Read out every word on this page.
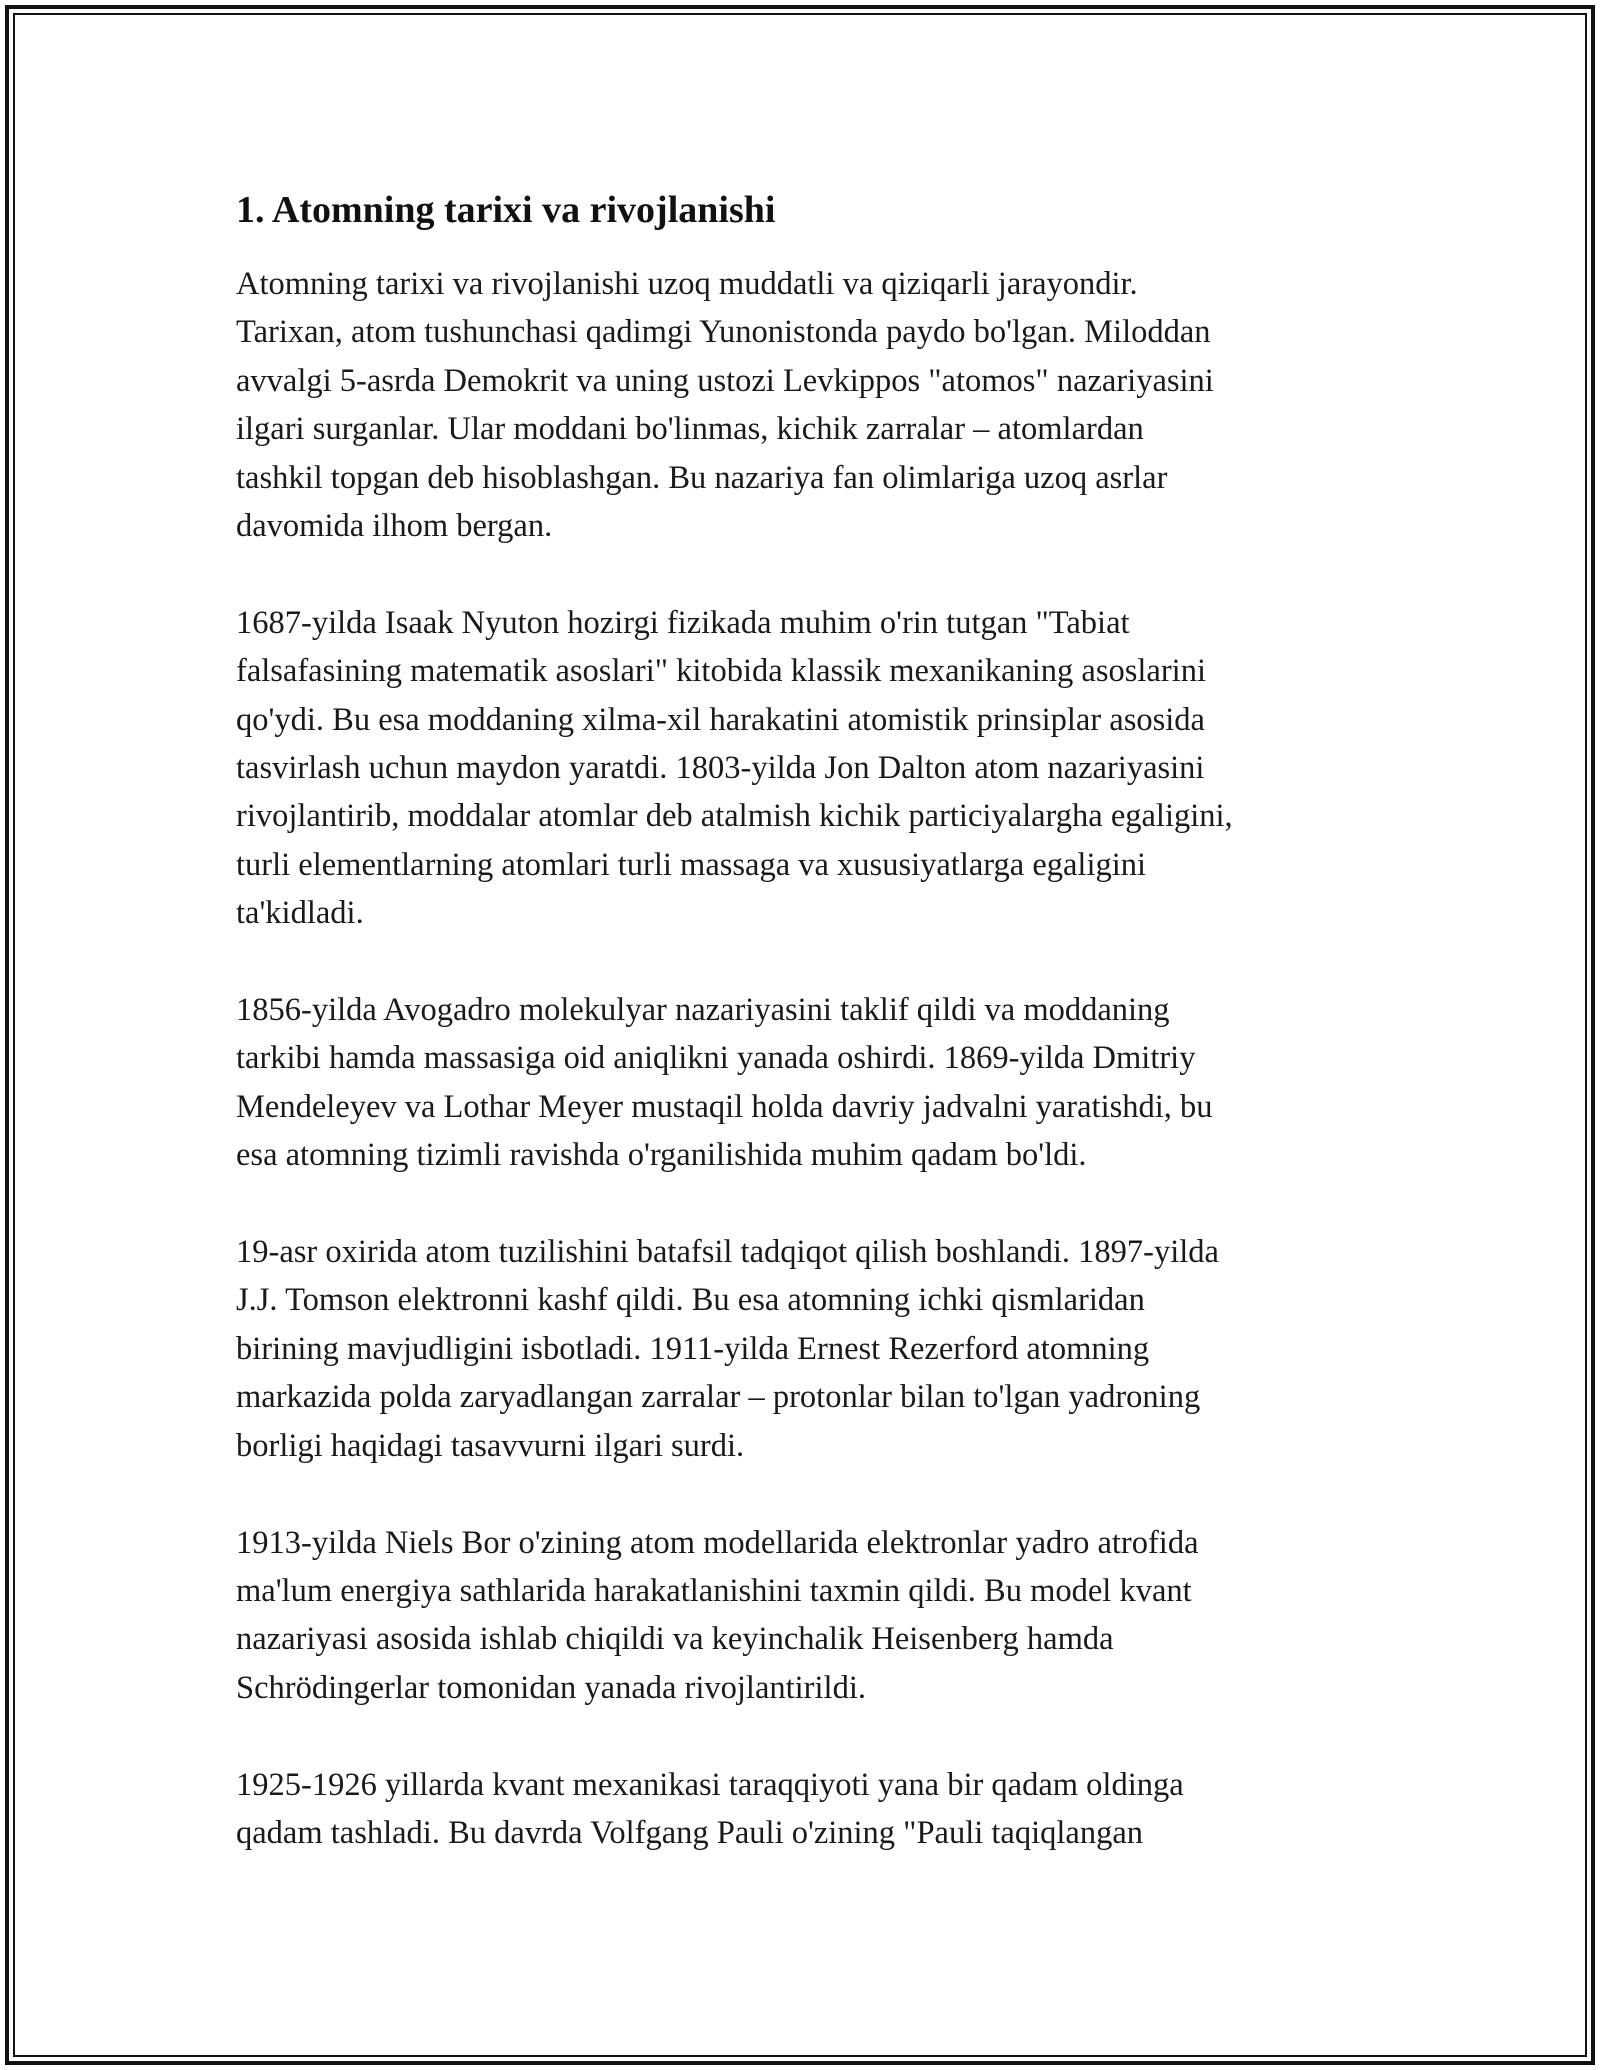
1. Atomning tarixi va rivojlanishi

Atomning tarixi va rivojlanishi uzoq muddatli va qiziqarli jarayondir.
Tarixan, atom tushunchasi qadimgi Yunonistonda paydo bo'lgan. Miloddan
avvalgi 5-asrda Demokrit va uning ustozi Levkippos "atomos" nazariyasini
ilgari surganlar. Ular moddani bo'linmas, kichik zarralar – atomlardan
tashkil topgan deb hisoblashgan. Bu nazariya fan olimlariga uzoq asrlar
davomida ilhom bergan.

1687-yilda Isaak Nyuton hozirgi fizikada muhim o'rin tutgan "Tabiat
falsafasining matematik asoslari" kitobida klassik mexanikaning asoslarini
qo'ydi. Bu esa moddaning xilma-xil harakatini atomistik prinsiplar asosida
tasvirlash uchun maydon yaratdi. 1803-yilda Jon Dalton atom nazariyasini
rivojlantirib, moddalar atomlar deb atalmish kichik particiyalargha egaligini,
turli elementlarning atomlari turli massaga va xususiyatlarga egaligini
ta'kidladi.

1856-yilda Avogadro molekulyar nazariyasini taklif qildi va moddaning
tarkibi hamda massasiga oid aniqlikni yanada oshirdi. 1869-yilda Dmitriy
Mendeleyev va Lothar Meyer mustaqil holda davriy jadvalni yaratishdi, bu
esa atomning tizimli ravishda o'rganilishida muhim qadam bo'ldi.

19-asr oxirida atom tuzilishini batafsil tadqiqot qilish boshlandi. 1897-yilda
J.J. Tomson elektronni kashf qildi. Bu esa atomning ichki qismlaridan
birining mavjudligini isbotladi. 1911-yilda Ernest Rezerford atomning
markazida polda zaryadlangan zarralar – protonlar bilan to'lgan yadroning
borligi haqidagi tasavvurni ilgari surdi.

1913-yilda Niels Bor o'zining atom modellarida elektronlar yadro atrofida
ma'lum energiya sathlarida harakatlanishini taxmin qildi. Bu model kvant
nazariyasi asosida ishlab chiqildi va keyinchalik Heisenberg hamda
Schrödingerlar tomonidan yanada rivojlantirildi.

1925-1926 yillarda kvant mexanikasi taraqqiyoti yana bir qadam oldinga
qadam tashladi. Bu davrda Volfgang Pauli o'zining "Pauli taqiqlangan
